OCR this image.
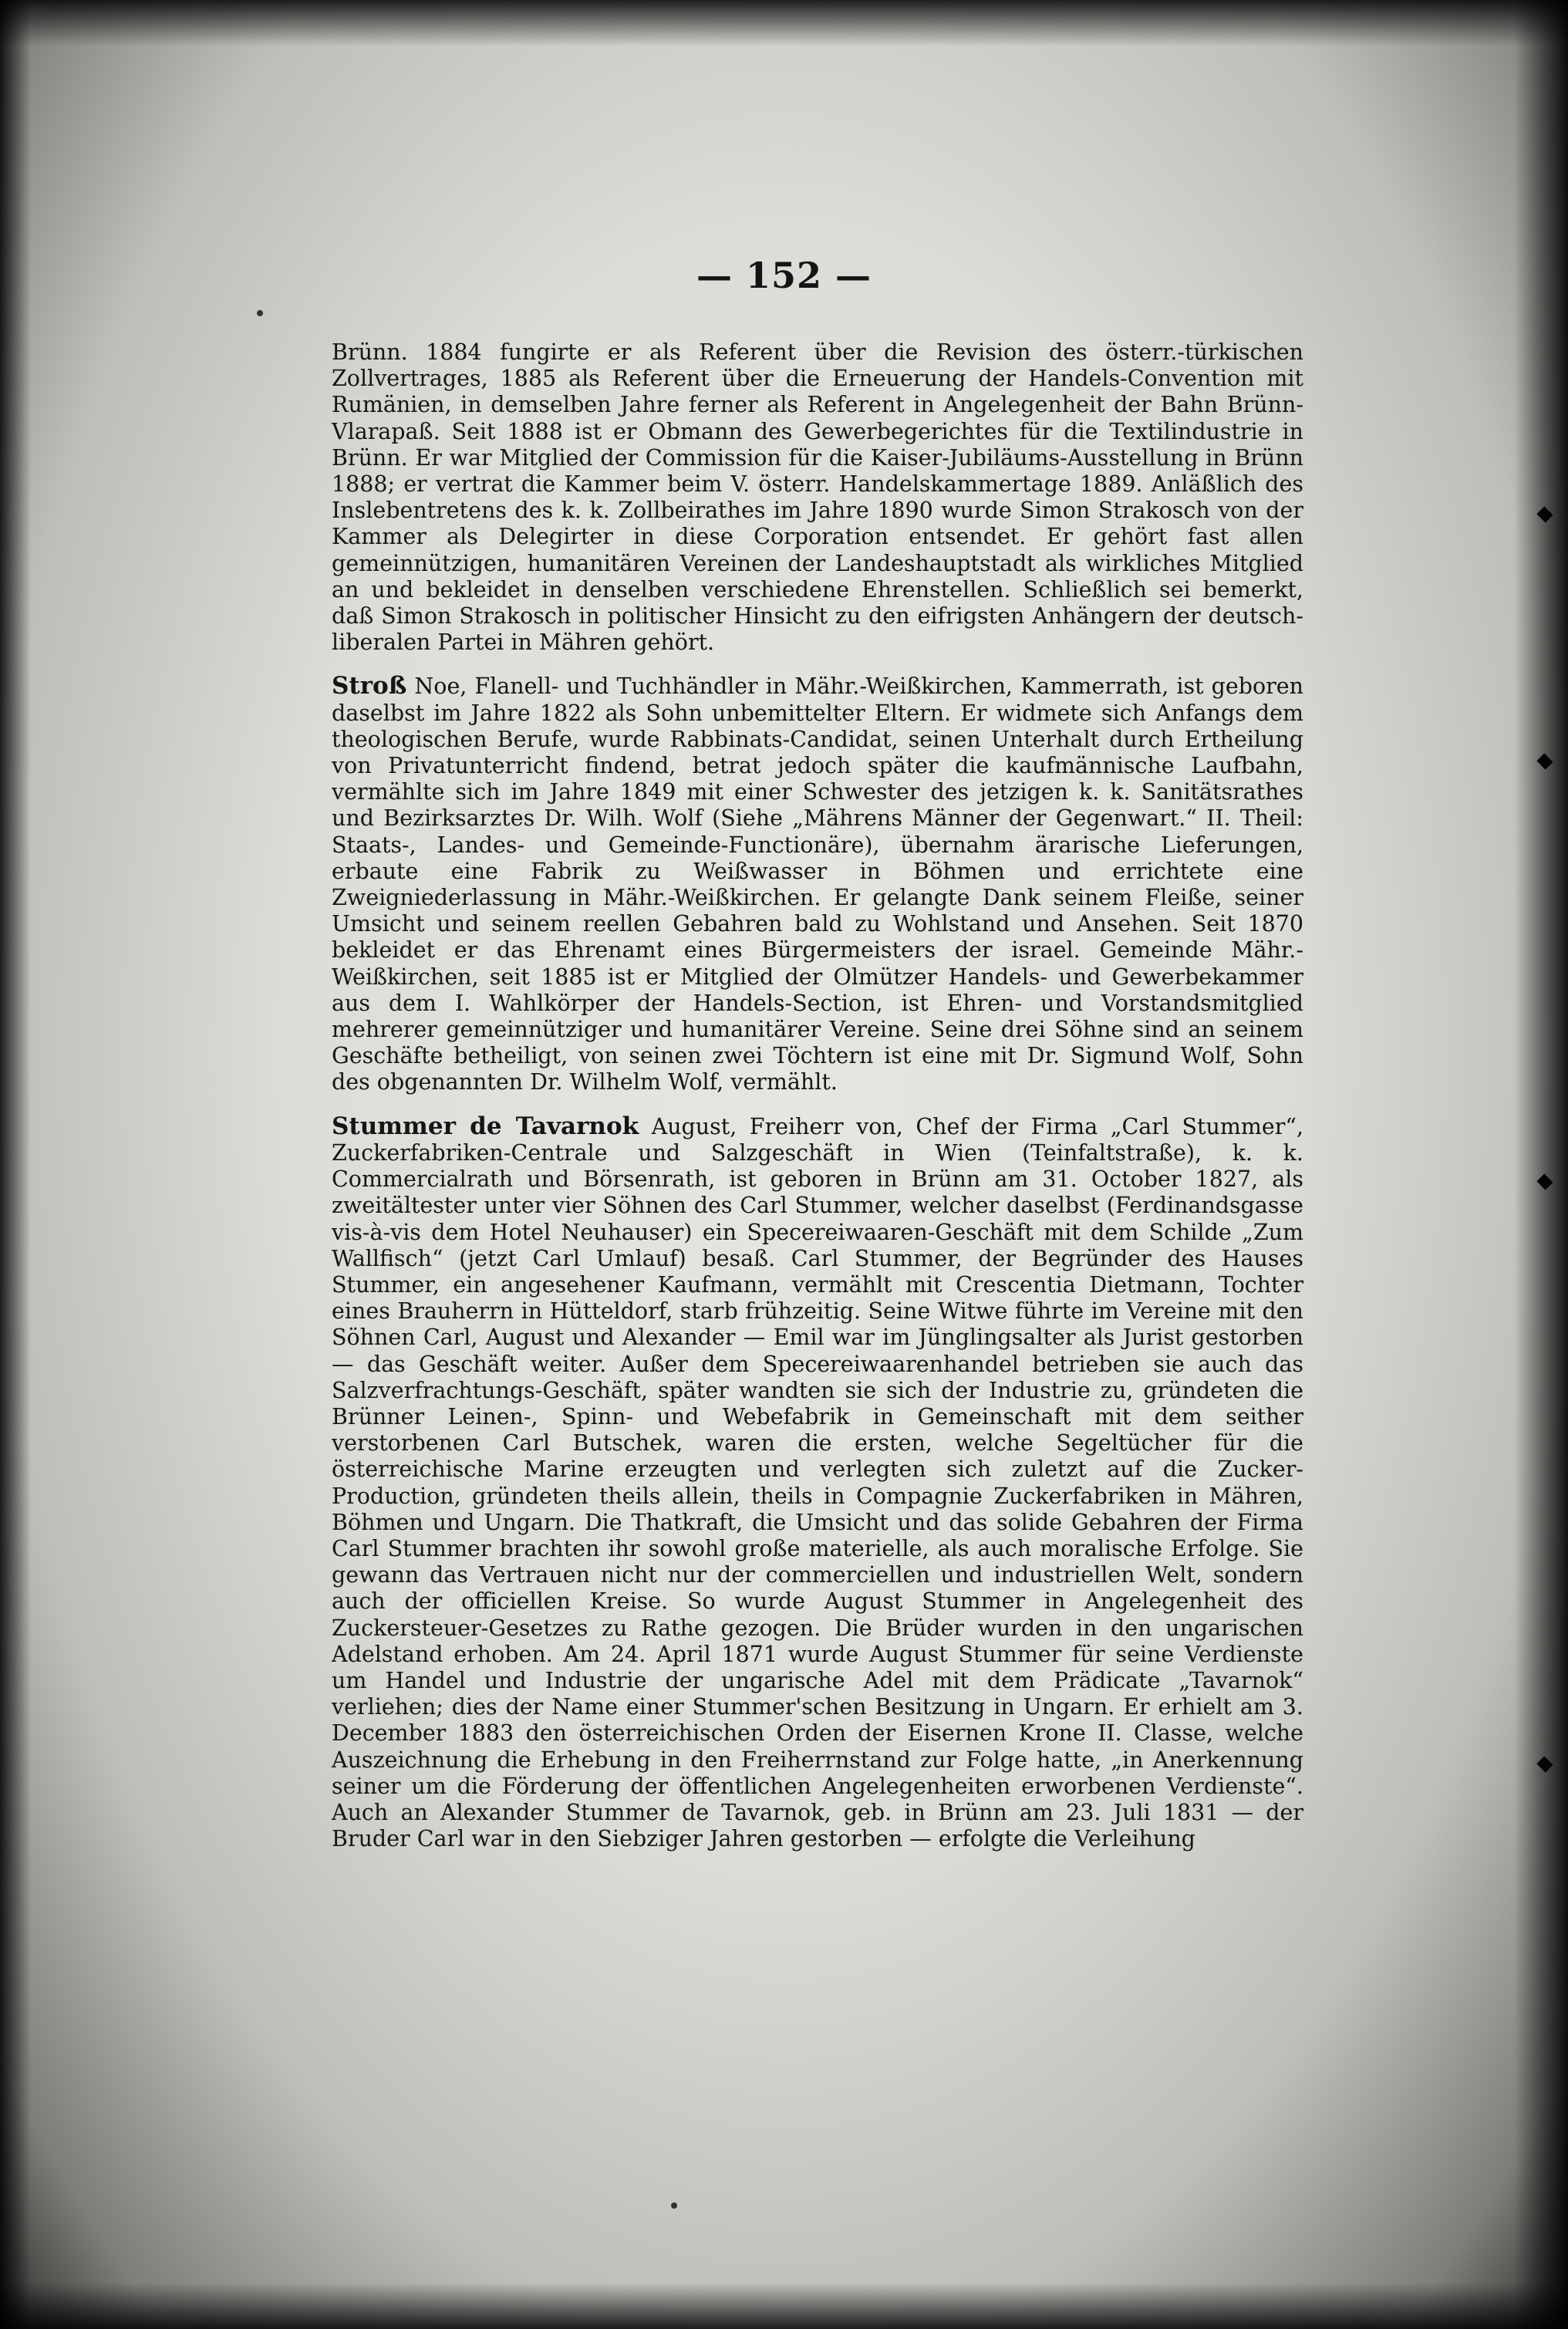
— 152 —

Brünn. 1884 fungirte er als Referent über die Revision des österr.-türkischen Zollvertrages, 1885 als Referent über die Erneuerung der Handels-Convention mit Rumänien, in demselben Jahre ferner als Referent in Angelegenheit der Bahn Brünn-Vlarapaß. Seit 1888 ist er Obmann des Gewerbegerichtes für die Textilindustrie in Brünn. Er war Mitglied der Commission für die Kaiser-Jubiläums-Ausstellung in Brünn 1888; er vertrat die Kammer beim V. österr. Handelskammertage 1889. Anläßlich des Inslebentretens des k. k. Zollbeirathes im Jahre 1890 wurde Simon Strakosch von der Kammer als Delegirter in diese Corporation entsendet. Er gehört fast allen gemeinnützigen, humanitären Vereinen der Landeshauptstadt als wirkliches Mitglied an und bekleidet in denselben verschiedene Ehrenstellen. Schließlich sei bemerkt, daß Simon Strakosch in politischer Hinsicht zu den eifrigsten Anhängern der deutsch-liberalen Partei in Mähren gehört.

Stroß Noe, Flanell- und Tuchhändler in Mähr.-Weißkirchen, Kammerrath, ist geboren daselbst im Jahre 1822 als Sohn unbemittelter Eltern. Er widmete sich Anfangs dem theologischen Berufe, wurde Rabbinats-Candidat, seinen Unterhalt durch Ertheilung von Privatunterricht findend, betrat jedoch später die kaufmännische Laufbahn, vermählte sich im Jahre 1849 mit einer Schwester des jetzigen k. k. Sanitätsrathes und Bezirksarztes Dr. Wilh. Wolf (Siehe „Mährens Männer der Gegenwart.“ II. Theil: Staats-, Landes- und Gemeinde-Functionäre), übernahm ärarische Lieferungen, erbaute eine Fabrik zu Weißwasser in Böhmen und errichtete eine Zweigniederlassung in Mähr.-Weißkirchen. Er gelangte Dank seinem Fleiße, seiner Umsicht und seinem reellen Gebahren bald zu Wohlstand und Ansehen. Seit 1870 bekleidet er das Ehrenamt eines Bürgermeisters der israel. Gemeinde Mähr.-Weißkirchen, seit 1885 ist er Mitglied der Olmützer Handels- und Gewerbekammer aus dem I. Wahlkörper der Handels-Section, ist Ehren- und Vorstandsmitglied mehrerer gemeinnütziger und humanitärer Vereine. Seine drei Söhne sind an seinem Geschäfte betheiligt, von seinen zwei Töchtern ist eine mit Dr. Sigmund Wolf, Sohn des obgenannten Dr. Wilhelm Wolf, vermählt.

Stummer de Tavarnok August, Freiherr von, Chef der Firma „Carl Stummer“, Zuckerfabriken-Centrale und Salzgeschäft in Wien (Teinfaltstraße), k. k. Commercialrath und Börsenrath, ist geboren in Brünn am 31. October 1827, als zweitältester unter vier Söhnen des Carl Stummer, welcher daselbst (Ferdinandsgasse vis-à-vis dem Hotel Neuhauser) ein Specereiwaaren-Geschäft mit dem Schilde „Zum Wallfisch“ (jetzt Carl Umlauf) besaß. Carl Stummer, der Begründer des Hauses Stummer, ein angesehener Kaufmann, vermählt mit Crescentia Dietmann, Tochter eines Brauherrn in Hütteldorf, starb frühzeitig. Seine Witwe führte im Vereine mit den Söhnen Carl, August und Alexander — Emil war im Jünglingsalter als Jurist gestorben — das Geschäft weiter. Außer dem Specereiwaarenhandel betrieben sie auch das Salzverfrachtungs-Geschäft, später wandten sie sich der Industrie zu, gründeten die Brünner Leinen-, Spinn- und Webefabrik in Gemeinschaft mit dem seither verstorbenen Carl Butschek, waren die ersten, welche Segeltücher für die österreichische Marine erzeugten und verlegten sich zuletzt auf die Zucker-Production, gründeten theils allein, theils in Compagnie Zuckerfabriken in Mähren, Böhmen und Ungarn. Die Thatkraft, die Umsicht und das solide Gebahren der Firma Carl Stummer brachten ihr sowohl große materielle, als auch moralische Erfolge. Sie gewann das Vertrauen nicht nur der commerciellen und industriellen Welt, sondern auch der officiellen Kreise. So wurde August Stummer in Angelegenheit des Zuckersteuer-Gesetzes zu Rathe gezogen. Die Brüder wurden in den ungarischen Adelstand erhoben. Am 24. April 1871 wurde August Stummer für seine Verdienste um Handel und Industrie der ungarische Adel mit dem Prädicate „Tavarnok“ verliehen; dies der Name einer Stummer'schen Besitzung in Ungarn. Er erhielt am 3. December 1883 den österreichischen Orden der Eisernen Krone II. Classe, welche Auszeichnung die Erhebung in den Freiherrnstand zur Folge hatte, „in Anerkennung seiner um die Förderung der öffentlichen Angelegenheiten erworbenen Verdienste“. Auch an Alexander Stummer de Tavarnok, geb. in Brünn am 23. Juli 1831 — der Bruder Carl war in den Siebziger Jahren gestorben — erfolgte die Verleihung
